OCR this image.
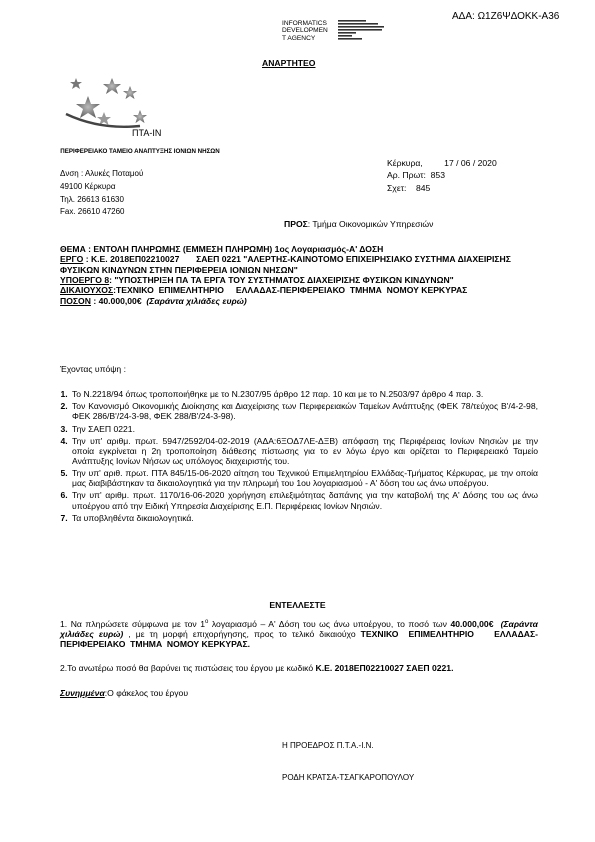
ΑΔΑ: Ω1Ζ6ΨΔΟΚΚ-Α36
INFORMATICS
DEVELOPMEN
T AGENCY
ΑΝΑΡΤΗΤΕΟ
ΠΤΑ-ΙΝ
ΠΕΡΙΦΕΡΕΙΑΚΟ ΤΑΜΕΙΟ ΑΝΑΠΤΥΞΗΣ ΙΟΝΙΩΝ ΝΗΣΩΝ
Δνση : Αλυκές Ποταμού
49100 Κέρκυρα
Τηλ. 26613 61630
Fax. 26610 47260
Κέρκυρα,         17 / 06 / 2020
Αρ. Πρωτ:  853
Σχετ:    845
ΠΡΟΣ: Τμήμα Οικονομικών Υπηρεσιών

ΘΕΜΑ : ΕΝΤΟΛΗ ΠΛΗΡΩΜΗΣ (ΕΜΜΕΣΗ ΠΛΗΡΩΜΗ) 1ος Λογαριασμός-Α' ΔΟΣΗ

ΕΡΓΟ : Κ.Ε. 2018ΕΠ02210027       ΣΑΕΠ 0221 "ΑΛΕΡΤΗΣ-ΚΑΙΝΟΤΟΜΟ ΕΠΙΧΕΙΡΗΣΙΑΚΟ ΣΥΣΤΗΜΑ ΔΙΑΧΕΙΡΙΣΗΣ ΦΥΣΙΚΩΝ ΚΙΝΔΥΝΩΝ ΣΤΗΝ ΠΕΡΙΦΕΡΕΙΑ ΙΟΝΙΩΝ ΝΗΣΩΝ"

ΥΠΟΕΡΓΟ 8: "ΥΠΟΣΤΗΡΙΞΗ ΠΑ ΤΑ ΕΡΓΑ ΤΟΥ ΣΥΣΤΗΜΑΤΟΣ ΔΙΑΧΕΙΡΙΣΗΣ ΦΥΣΙΚΩΝ ΚΙΝΔΥΝΩΝ"

ΔΙΚΑΙΟΥΧΟΣ:ΤΕΧΝΙΚΟ  ΕΠΙΜΕΛΗΤΗΡΙΟ     ΕΛΛΑΔΑΣ-ΠΕΡΙΦΕΡΕΙΑΚΟ  ΤΜΗΜΑ  ΝΟΜΟΥ ΚΕΡΚΥΡΑΣ

ΠΟΣΟΝ : 40.000,00€ (Σαράντα χιλιάδες ευρώ)

Έχοντας υπόψη :
1. Το Ν.2218/94 όπως τροποποιήθηκε με το Ν.2307/95 άρθρο 12 παρ. 10 και με το Ν.2503/97 άρθρο 4 παρ. 3.
2. Τον Κανονισμό Οικονομικής Διοίκησης και Διαχείρισης των Περιφερειακών Ταμείων Ανάπτυξης (ΦΕΚ 78/τεύχος Β'/4-2-98, ΦΕΚ 286/Β'/24-3-98, ΦΕΚ 288/Β'/24-3-98).
3. Την ΣΑΕΠ 0221.
4. Την υπ' αριθμ. πρωτ. 5947/2592/04-02-2019 (ΑΔΑ:6ΞΟΔ7ΛΕ-ΔΞΒ) απόφαση της Περιφέρειας Ιονίων Νησιών με την οποία εγκρίνεται η 2η τροποποίηση διάθεσης πίστωσης για το εν λόγω έργο και ορίζεται το Περιφερειακό Ταμείο Ανάπτυξης Ιονίων Νήσων ως υπόλογος διαχειριστής του.
5. Την υπ' αριθ. πρωτ. ΠΤΑ 845/15-06-2020 αίτηση του Τεχνικού Επιμελητηρίου Ελλάδας-Τμήματος Κέρκυρας, με την οποία μας διαβιβάστηκαν τα δικαιολογητικά για την πληρωμή του 1ου λογαριασμού - Α' δόση του ως άνω υποέργου.
6. Την υπ' αριθμ. πρωτ. 1170/16-06-2020 χορήγηση επιλεξιμότητας δαπάνης για την καταβολή της Α' Δόσης του ως άνω υποέργου από την Ειδική Υπηρεσία Διαχείρισης Ε.Π. Περιφέρειας Ιονίων Νησιών.
7. Τα υποβληθέντα δικαιολογητικά.
ΕΝΤΕΛΛΕΣΤΕ
1. Να πληρώσετε σύμφωνα με τον $1^o$ λογαριασμό – Α' Δόση του ως άνω υποέργου, το ποσό των 40.000,00€ (Σαράντα χιλιάδες ευρώ) , με τη μορφή επιχορήγησης, προς το τελικό δικαιούχο ΤΕΧΝΙΚΟ  ΕΠΙΜΕΛΗΤΗΡΙΟ    ΕΛΛΑΔΑΣ-ΠΕΡΙΦΕΡΕΙΑΚΟ  ΤΜΗΜΑ  ΝΟΜΟΥ ΚΕΡΚΥΡΑΣ.
2.Το ανωτέρω ποσό θα βαρύνει τις πιστώσεις του έργου με κωδικό Κ.Ε. 2018ΕΠ02210027 ΣΑΕΠ 0221.
Συνημμένα:Ο φάκελος του έργου
Η ΠΡΟΕΔΡΟΣ Π.Τ.Α.-Ι.Ν.
ΡΟΔΗ ΚΡΑΤΣΑ-ΤΣΑΓΚΑΡΟΠΟΥΛΟΥ
